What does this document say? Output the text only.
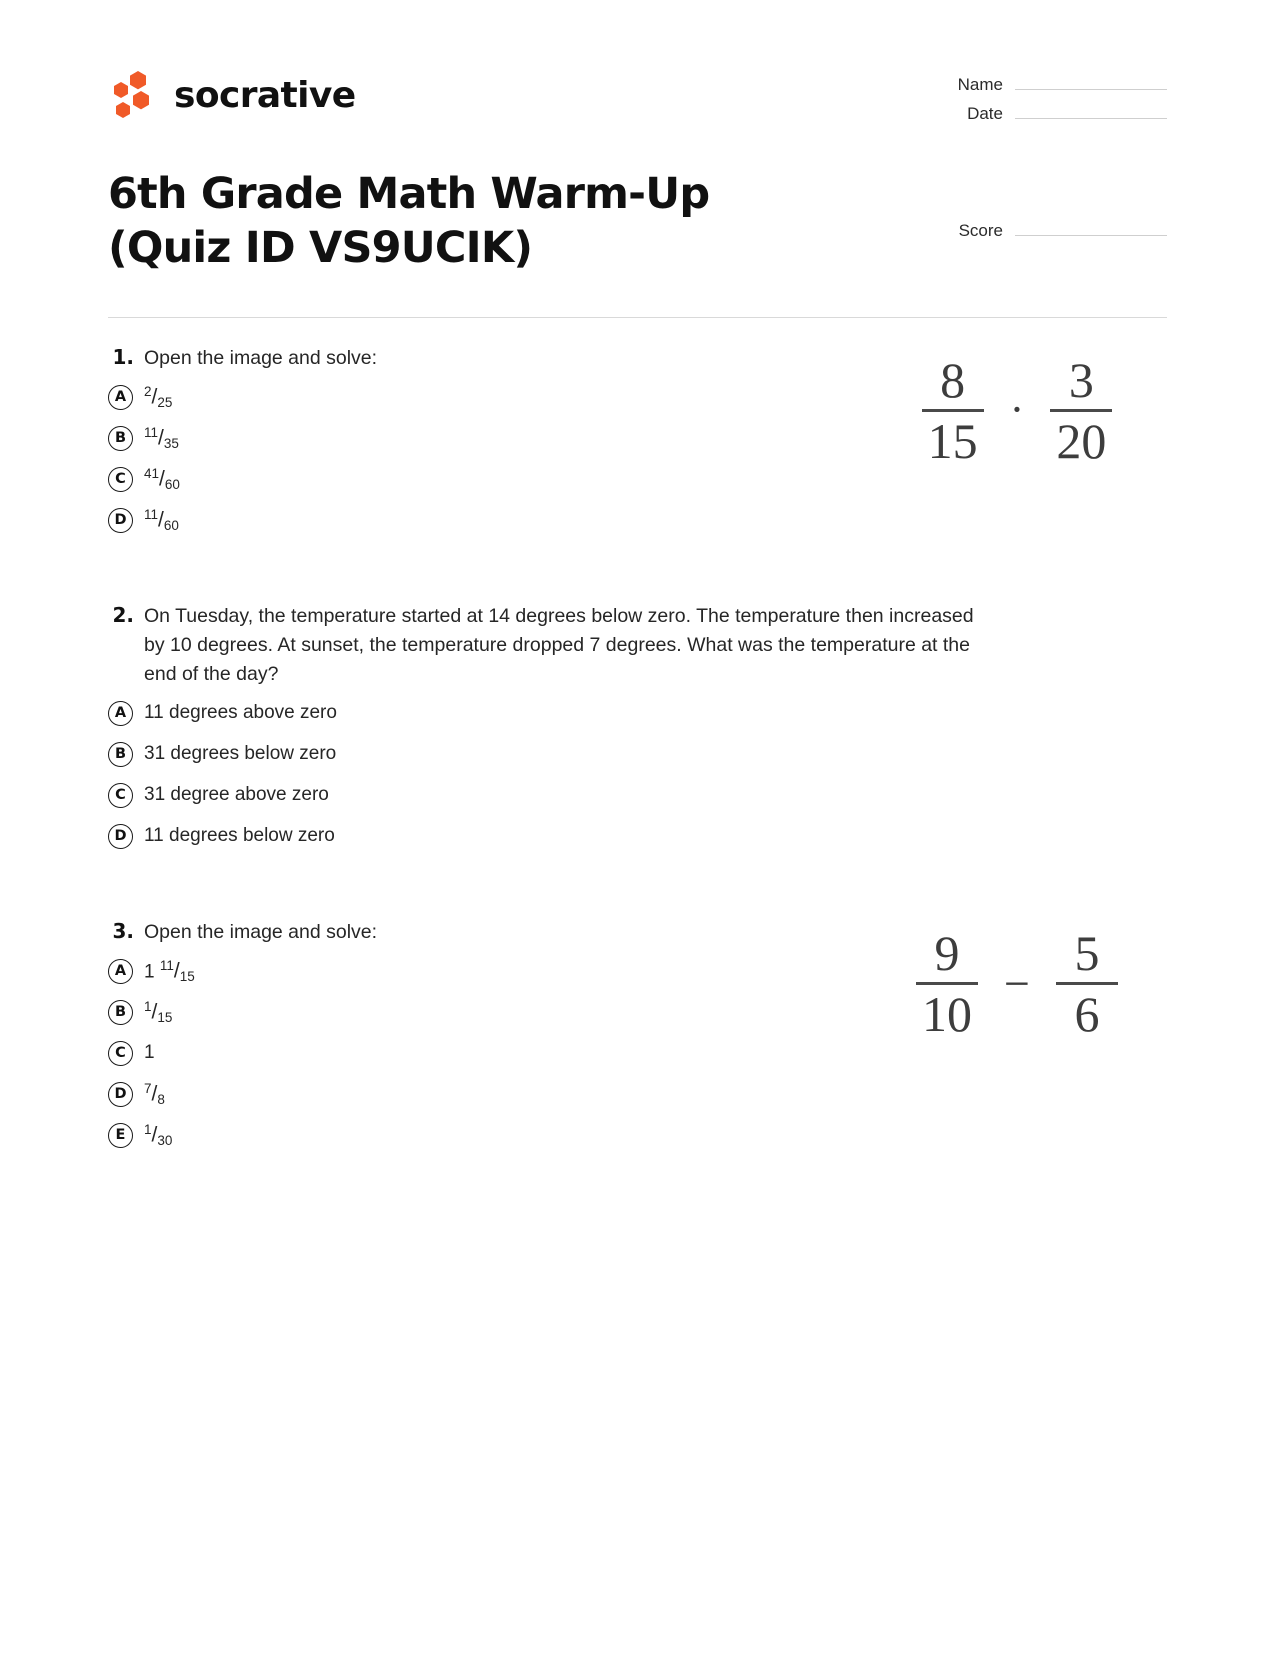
socrative	Name
Date
6th Grade Math Warm-Up (Quiz ID VS9UCIK)	Score
1. Open the image and solve:
A	$^2$/25
B	$^{11}$/35
C	$^{41}$/60
D	$^{11}$/60
$\frac{8}{15} \cdot \frac{3}{20}$
2. On Tuesday, the temperature started at 14 degrees below zero. The temperature then increased by 10 degrees. At sunset, the temperature dropped 7 degrees. What was the temperature at the end of the day?
A 11 degrees above zero
B 31 degrees below zero
C 31 degree above zero
D 11 degrees below zero
3. Open the image and solve:
A 1 $^{11}$/15
B	$^1$/15
C 1
D	$^7$/8
E	$^1$/30
$\frac{9}{10} - \frac{5}{6}$
